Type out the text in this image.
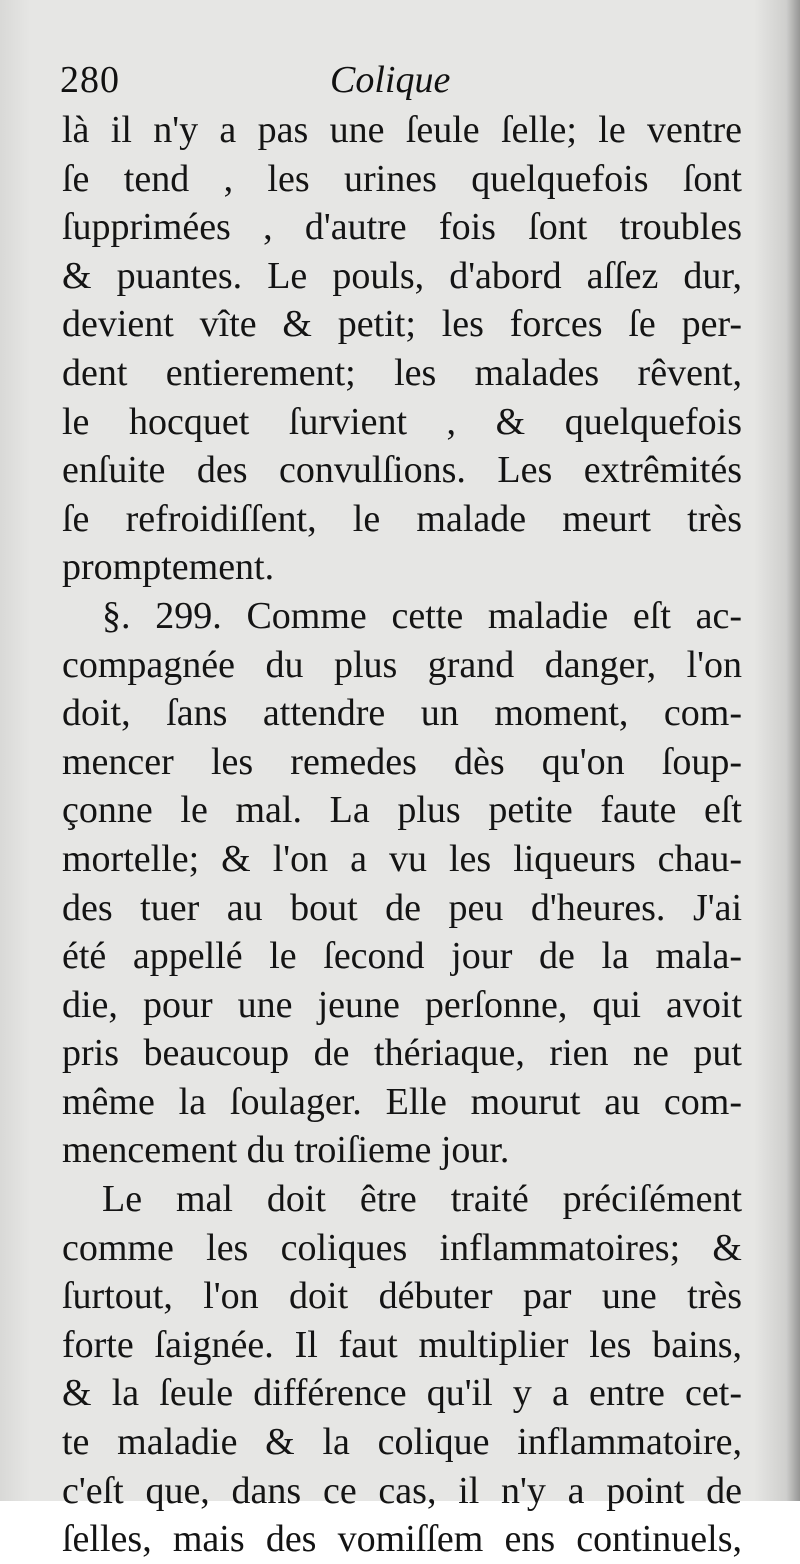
280	Colique
là il n'y a pas une ſeule ſelle; le ventre
ſe tend , les urines quelquefois ſont
ſupprimées , d'autre fois ſont troubles
& puantes. Le pouls, d'abord aſſez dur,
devient vîte & petit; les forces ſe per-
dent entierement; les malades rêvent,
le hocquet ſurvient , & quelquefois
enſuite des convulſions. Les extrêmités
ſe refroidiſſent, le malade meurt très
promptement.
§. 299. Comme cette maladie eſt ac-
compagnée du plus grand danger, l'on
doit, ſans attendre un moment, com-
mencer les remedes dès qu'on ſoup-
çonne le mal. La plus petite faute eſt
mortelle; & l'on a vu les liqueurs chau-
des tuer au bout de peu d'heures. J'ai
été appellé le ſecond jour de la mala-
die, pour une jeune perſonne, qui avoit
pris beaucoup de thériaque, rien ne put
même la ſoulager. Elle mourut au com-
mencement du troiſieme jour.
Le mal doit être traité préciſément
comme les coliques inflammatoires; &
ſurtout, l'on doit débuter par une très
forte ſaignée. Il faut multiplier les bains,
& la ſeule différence qu'il y a entre cet-
te maladie & la colique inflammatoire,
c'eſt que, dans ce cas, il n'y a point de
ſelles, mais des vomiſſem ens continuels,
